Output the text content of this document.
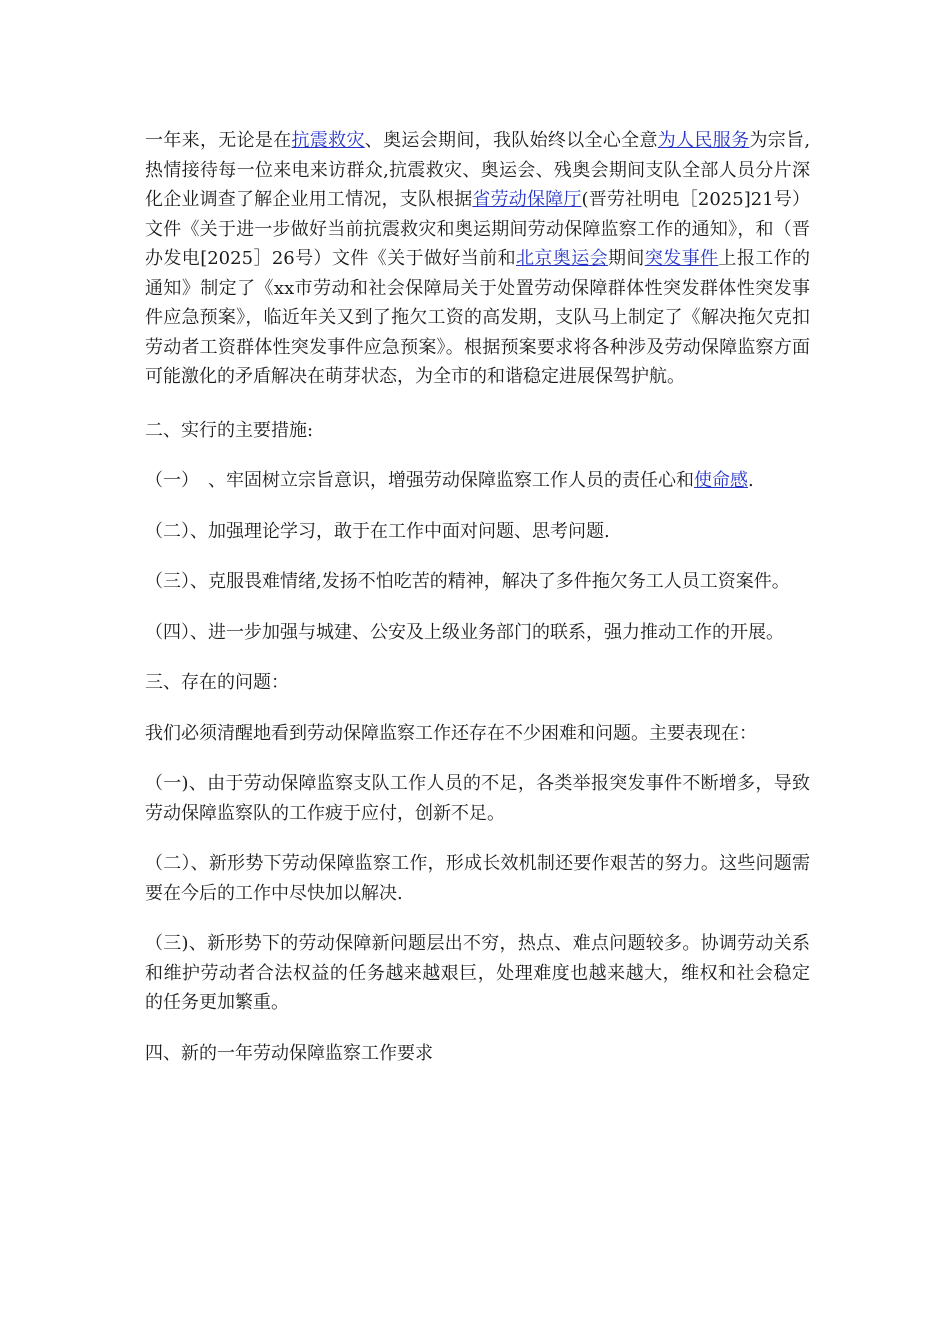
一年来，无论是在抗震救灾、奥运会期间，我队始终以全心全意为人民服务为宗旨,热情接待每一位来电来访群众,抗震救灾、奥运会、残奥会期间支队全部人员分片深化企业调查了解企业用工情况，支队根据省劳动保障厅(晋劳社明电［2025]21号）文件《关于进一步做好当前抗震救灾和奥运期间劳动保障监察工作的通知》，和（晋办发电[2025］26号）文件《关于做好当前和北京奥运会期间突发事件上报工作的通知》制定了《xx市劳动和社会保障局关于处置劳动保障群体性突发群体性突发事件应急预案》，临近年关又到了拖欠工资的高发期，支队马上制定了《解决拖欠克扣劳动者工资群体性突发事件应急预案》。根据预案要求将各种涉及劳动保障监察方面可能激化的矛盾解决在萌芽状态，为全市的和谐稳定进展保驾护航。

二、实行的主要措施:

（一）　、牢固树立宗旨意识，增强劳动保障监察工作人员的责任心和使命感.

（二）、加强理论学习，敢于在工作中面对问题、思考问题.

（三）、克服畏难情绪,发扬不怕吃苦的精神，解决了多件拖欠务工人员工资案件。

（四）、进一步加强与城建、公安及上级业务部门的联系，强力推动工作的开展。

三、存在的问题：

我们必须清醒地看到劳动保障监察工作还存在不少困难和问题。主要表现在：

（一)、由于劳动保障监察支队工作人员的不足，各类举报突发事件不断增多，导致劳动保障监察队的工作疲于应付，创新不足。

（二）、新形势下劳动保障监察工作，形成长效机制还要作艰苦的努力。这些问题需要在今后的工作中尽快加以解决.

（三)、新形势下的劳动保障新问题层出不穷，热点、难点问题较多。协调劳动关系和维护劳动者合法权益的任务越来越艰巨，处理难度也越来越大，维权和社会稳定的任务更加繁重。

四、新的一年劳动保障监察工作要求
